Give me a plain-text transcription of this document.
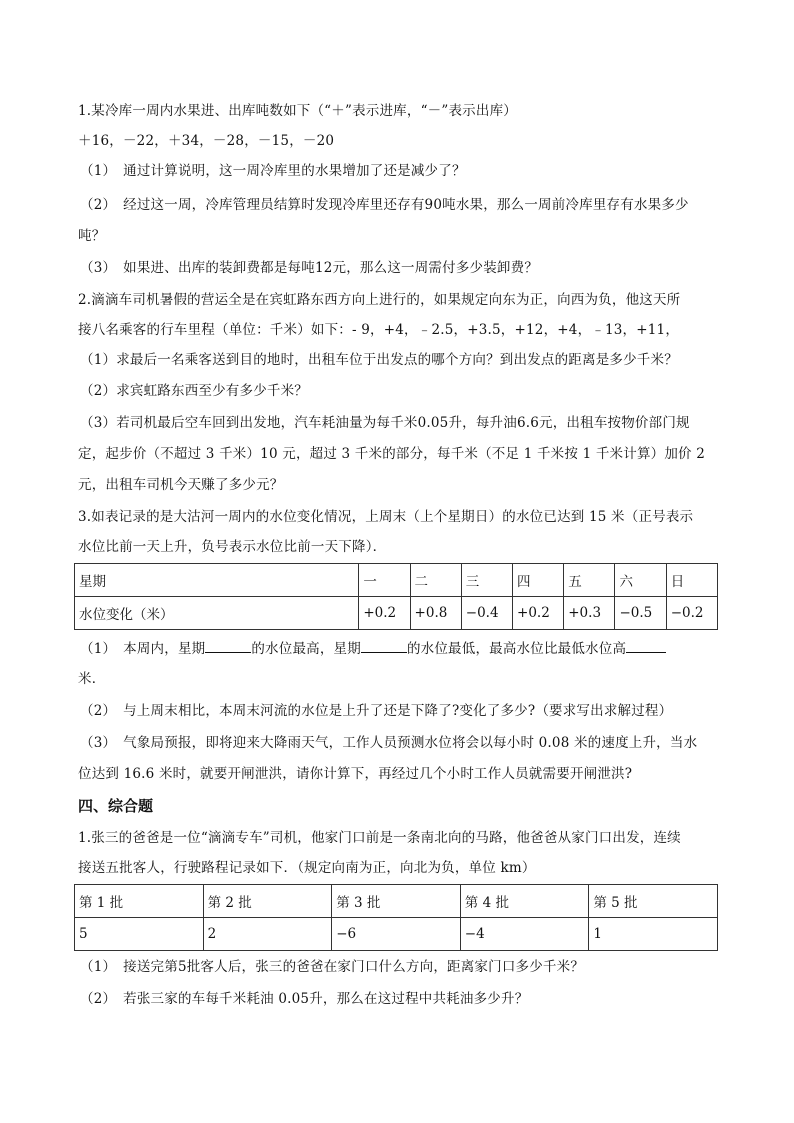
1.某冷库一周内水果进、出库吨数如下（“＋”表示进库，“－”表示出库）
＋16，－22，＋34，－28，－15，－20
（1）　通过计算说明，这一周冷库里的水果增加了还是减少了？
（2）　经过这一周，冷库管理员结算时发现冷库里还存有90吨水果，那么一周前冷库里存有水果多少
吨？
（3）　如果进、出库的装卸费都是每吨12元，那么这一周需付多少装卸费？
2.滴滴车司机暑假的营运全是在宾虹路东西方向上进行的，如果规定向东为正，向西为负，他这天所
接八名乘客的行车里程（单位：千米）如下：- 9，+4，﹣2.5，+3.5，+12，+4，﹣13，+11，
（1）求最后一名乘客送到目的地时，出租车位于出发点的哪个方向？到出发点的距离是多少千米？
（2）求宾虹路东西至少有多少千米？
（3）若司机最后空车回到出发地，汽车耗油量为每千米0.05升，每升油6.6元，出租车按物价部门规
定，起步价（不超过 3 千米）10 元，超过 3 千米的部分，每千米（不足 1 千米按 1 千米计算）加价 2
元，出租车司机今天赚了多少元？
3.如表记录的是大沽河一周内的水位变化情况，上周末（上个星期日）的水位已达到 15 米（正号表示
水位比前一天上升，负号表示水位比前一天下降）．
星期	一	二	三	四	五	六	日
水位变化（米）	+0.2	+0.8	−0.4	+0.2	+0.3	−0.5	−0.2
（1）　本周内，星期	的水位最高，星期	的水位最低，最高水位比最低水位高
米．
（2）　与上周末相比，本周末河流的水位是上升了还是下降了?变化了多少?（要求写出求解过程）
（3）　气象局预报，即将迎来大降雨天气，工作人员预测水位将会以每小时 0.08 米的速度上升，当水
位达到 16.6 米时，就要开闸泄洪，请你计算下，再经过几个小时工作人员就需要开闸泄洪?
四、综合题
1.张三的爸爸是一位“滴滴专车”司机，他家门口前是一条南北向的马路，他爸爸从家门口出发，连续
接送五批客人，行驶路程记录如下．（规定向南为正，向北为负，单位 km）
第 1 批	第 2 批	第 3 批	第 4 批	第 5 批
5	2	−6	−4	1
（1）　接送完第5批客人后，张三的爸爸在家门口什么方向，距离家门口多少千米？
（2）　若张三家的车每千米耗油 0.05升，那么在这过程中共耗油多少升？
